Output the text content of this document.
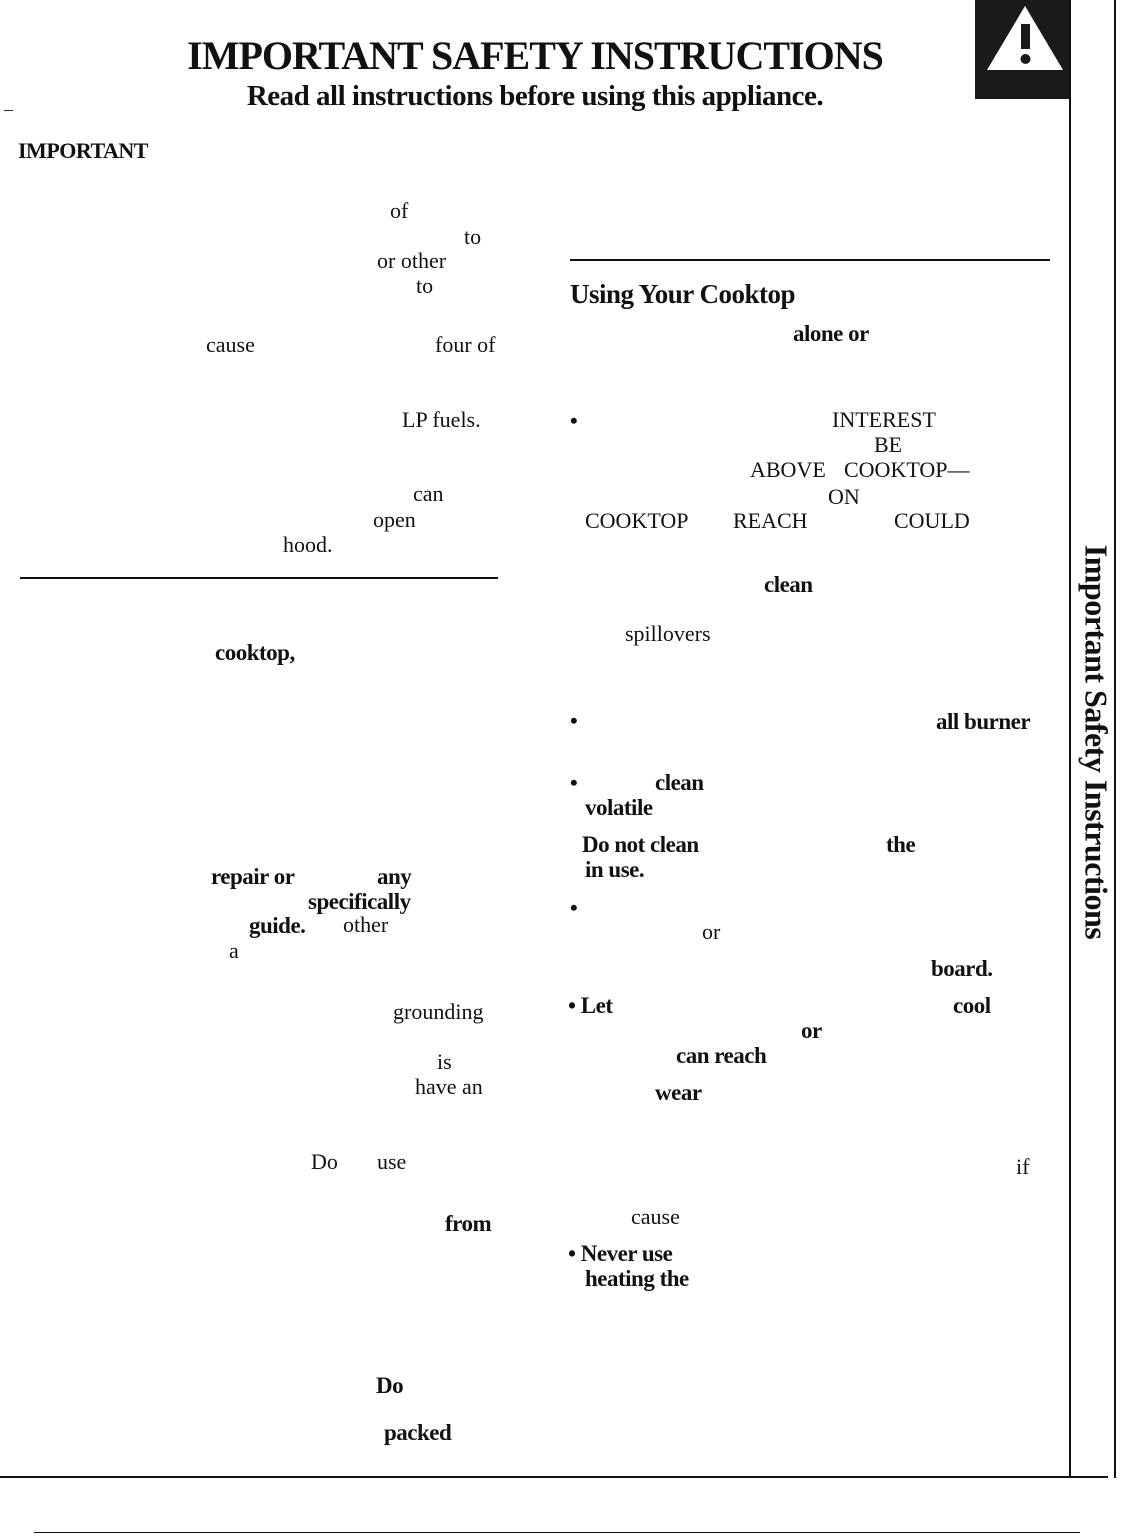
IMPORTANT SAFETY INSTRUCTIONS
Read all instructions before using this appliance.
–
Important Safety Instructions
IMPORTANT
of
to
or other
to
cause	four of
LP fuels.
can
open
hood.
cooktop,
repair or	any
specifically
guide. other
a
grounding
is
have an
Do use
from
Do
packed
Using Your Cooktop
alone or
•	INTEREST
BE
ABOVE COOKTOP—
ON
COOKTOP REACH	COULD
clean
spillovers
•	all burner
•	clean
volatile
Do not clean	the
in use.
•
or
board.
• Let	cool
or
can reach
wear
if
cause
• Never use
heating the
